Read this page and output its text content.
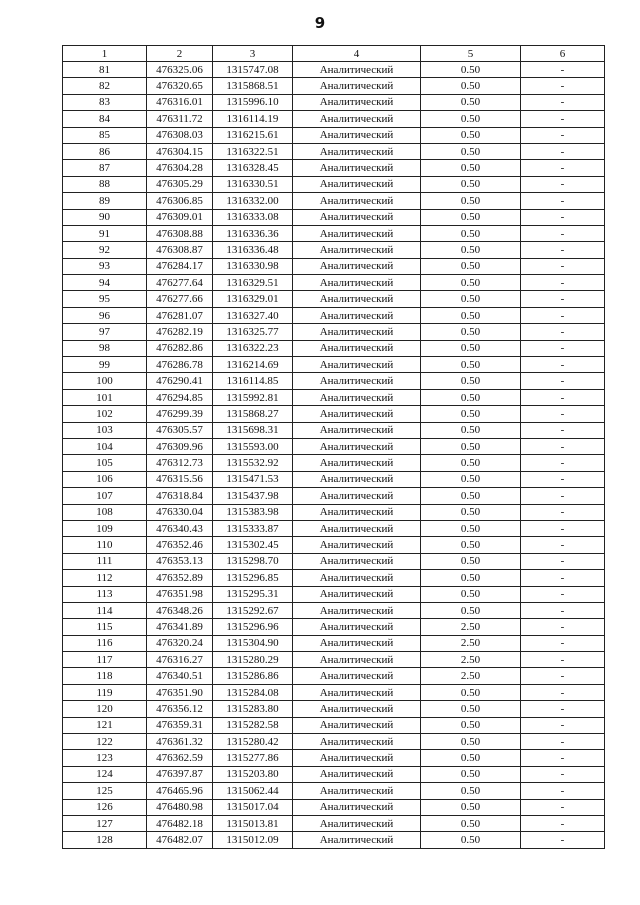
9
1	2	3	4	5	6
81	476325.06	1315747.08	Аналитический	0.50	-
82	476320.65	1315868.51	Аналитический	0.50	-
83	476316.01	1315996.10	Аналитический	0.50	-
84	476311.72	1316114.19	Аналитический	0.50	-
85	476308.03	1316215.61	Аналитический	0.50	-
86	476304.15	1316322.51	Аналитический	0.50	-
87	476304.28	1316328.45	Аналитический	0.50	-
88	476305.29	1316330.51	Аналитический	0.50	-
89	476306.85	1316332.00	Аналитический	0.50	-
90	476309.01	1316333.08	Аналитический	0.50	-
91	476308.88	1316336.36	Аналитический	0.50	-
92	476308.87	1316336.48	Аналитический	0.50	-
93	476284.17	1316330.98	Аналитический	0.50	-
94	476277.64	1316329.51	Аналитический	0.50	-
95	476277.66	1316329.01	Аналитический	0.50	-
96	476281.07	1316327.40	Аналитический	0.50	-
97	476282.19	1316325.77	Аналитический	0.50	-
98	476282.86	1316322.23	Аналитический	0.50	-
99	476286.78	1316214.69	Аналитический	0.50	-
100	476290.41	1316114.85	Аналитический	0.50	-
101	476294.85	1315992.81	Аналитический	0.50	-
102	476299.39	1315868.27	Аналитический	0.50	-
103	476305.57	1315698.31	Аналитический	0.50	-
104	476309.96	1315593.00	Аналитический	0.50	-
105	476312.73	1315532.92	Аналитический	0.50	-
106	476315.56	1315471.53	Аналитический	0.50	-
107	476318.84	1315437.98	Аналитический	0.50	-
108	476330.04	1315383.98	Аналитический	0.50	-
109	476340.43	1315333.87	Аналитический	0.50	-
110	476352.46	1315302.45	Аналитический	0.50	-
111	476353.13	1315298.70	Аналитический	0.50	-
112	476352.89	1315296.85	Аналитический	0.50	-
113	476351.98	1315295.31	Аналитический	0.50	-
114	476348.26	1315292.67	Аналитический	0.50	-
115	476341.89	1315296.96	Аналитический	2.50	-
116	476320.24	1315304.90	Аналитический	2.50	-
117	476316.27	1315280.29	Аналитический	2.50	-
118	476340.51	1315286.86	Аналитический	2.50	-
119	476351.90	1315284.08	Аналитический	0.50	-
120	476356.12	1315283.80	Аналитический	0.50	-
121	476359.31	1315282.58	Аналитический	0.50	-
122	476361.32	1315280.42	Аналитический	0.50	-
123	476362.59	1315277.86	Аналитический	0.50	-
124	476397.87	1315203.80	Аналитический	0.50	-
125	476465.96	1315062.44	Аналитический	0.50	-
126	476480.98	1315017.04	Аналитический	0.50	-
127	476482.18	1315013.81	Аналитический	0.50	-
128	476482.07	1315012.09	Аналитический	0.50	-
